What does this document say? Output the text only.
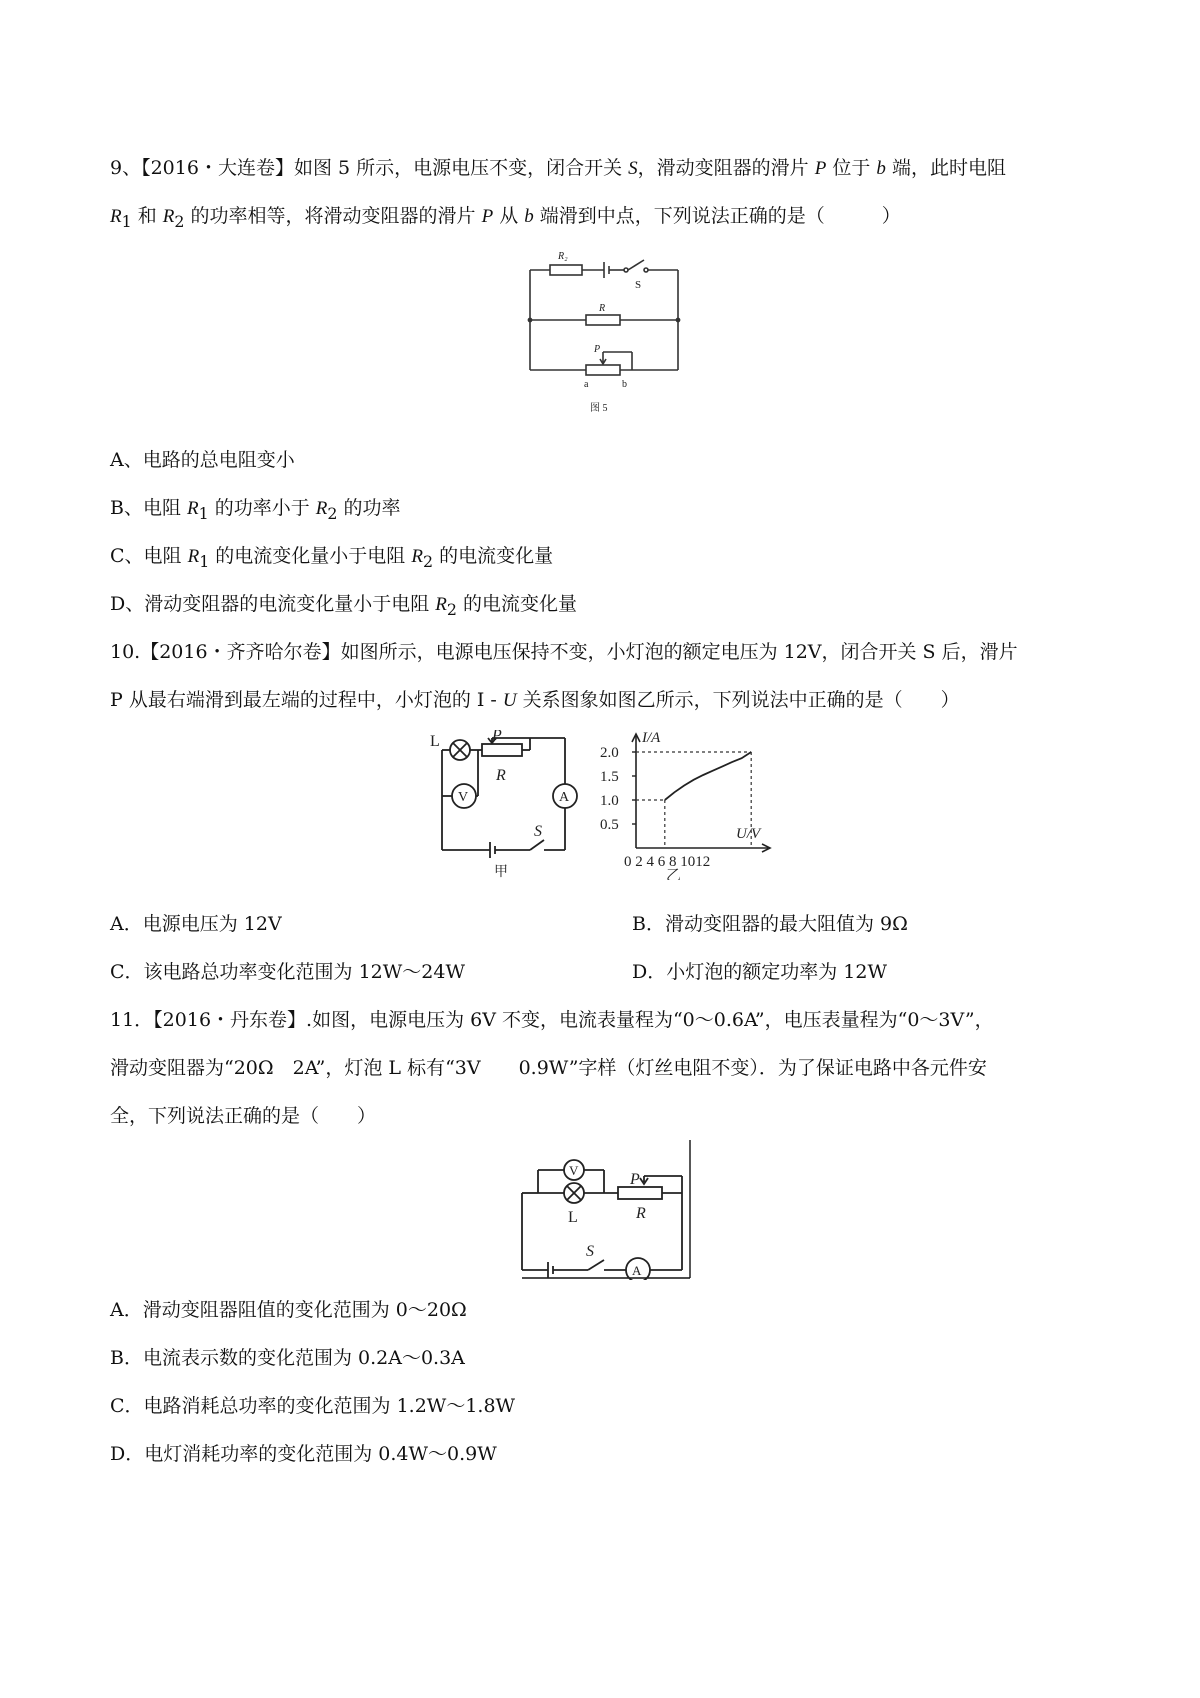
9、【2016・大连卷】如图 5 所示，电源电压不变，闭合开关 S，滑动变阻器的滑片 P 位于 b 端，此时电阻
$R_1$ 和 $R_2$ 的功率相等，将滑动变阻器的滑片 P 从 b 端滑到中点，下列说法正确的是（　　　）
R₂
R
S
P
a	b
图 5
A、电路的总电阻变小
B、电阻 $R_1$ 的功率小于 $R_2$ 的功率
C、电阻 $R_1$ 的电流变化量小于电阻 $R_2$ 的电流变化量
D、滑动变阻器的电流变化量小于电阻 $R_2$ 的电流变化量
10.【2016・齐齐哈尔卷】如图所示，电源电压保持不变，小灯泡的额定电压为 12V，闭合开关 S 后，滑片
P 从最右端滑到最左端的过程中，小灯泡的 I - U 关系图象如图乙所示，下列说法中正确的是（　　）
L
V
P
R
A
S
甲
2.0
1.5
1.0
0.5
I/A
U/V
0 2 4 6 8 1012
乙
A．电源电压为 12V	B．滑动变阻器的最大阻值为 9Ω
C．该电路总功率变化范围为 12W～24W	D．小灯泡的额定功率为 12W
11．【2016・丹东卷】.如图，电源电压为 6V 不变，电流表量程为“0～0.6A”，电压表量程为“0～3V”，
滑动变阻器为“20Ω　2A”，灯泡 L 标有“3V　　0.9W”字样（灯丝电阻不变）．为了保证电路中各元件安
全，下列说法正确的是（　　）
V
L
P
R
S
A
A．滑动变阻器阻值的变化范围为 0～20Ω
B．电流表示数的变化范围为 0.2A～0.3A
C．电路消耗总功率的变化范围为 1.2W～1.8W
D．电灯消耗功率的变化范围为 0.4W～0.9W
